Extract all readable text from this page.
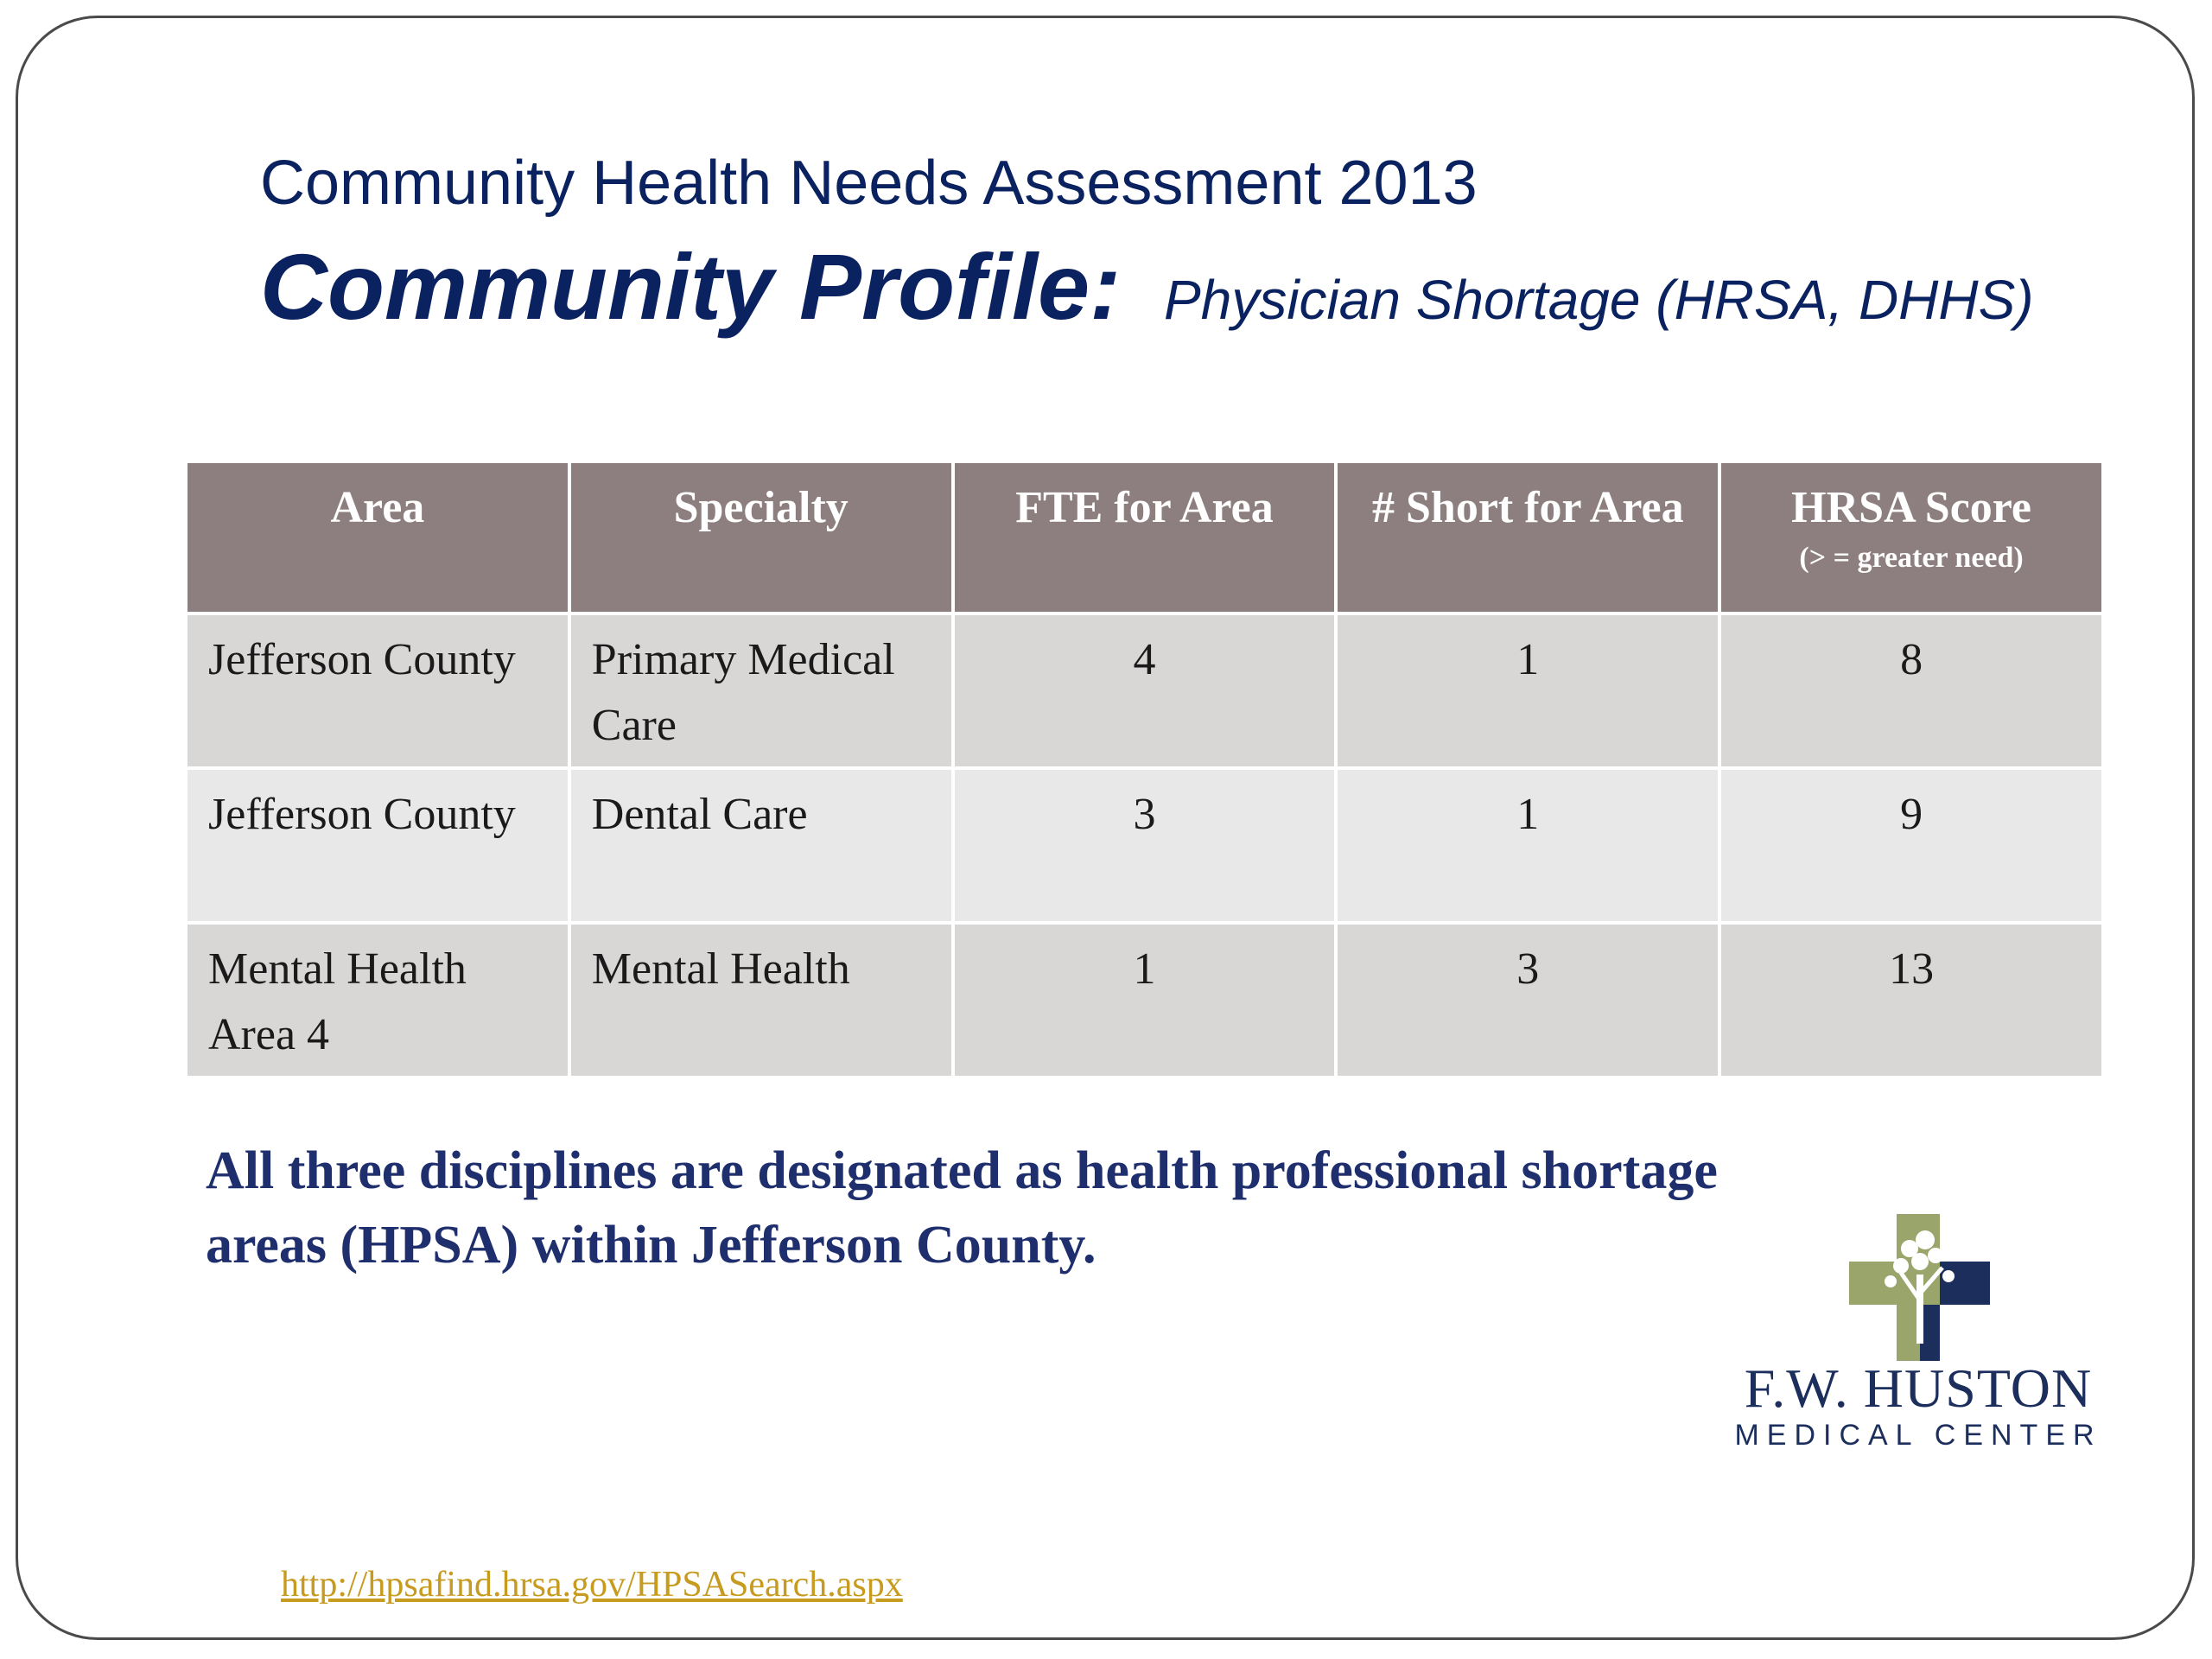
Community Health Needs Assessment 2013
Community Profile: Physician Shortage (HRSA, DHHS)
Area	Specialty	FTE for Area	# Short for Area	HRSA Score
(> = greater need)

Jefferson County	Primary Medical Care	4	1	8
Jefferson County	Dental Care	3	1	9
Mental Health Area 4	Mental Health	1	3	13
All three disciplines are designated as health professional shortage areas (HPSA) within Jefferson County.
F.W. HUSTON
MEDICAL CENTER
http://hpsafind.hrsa.gov/HPSASearch.aspx
